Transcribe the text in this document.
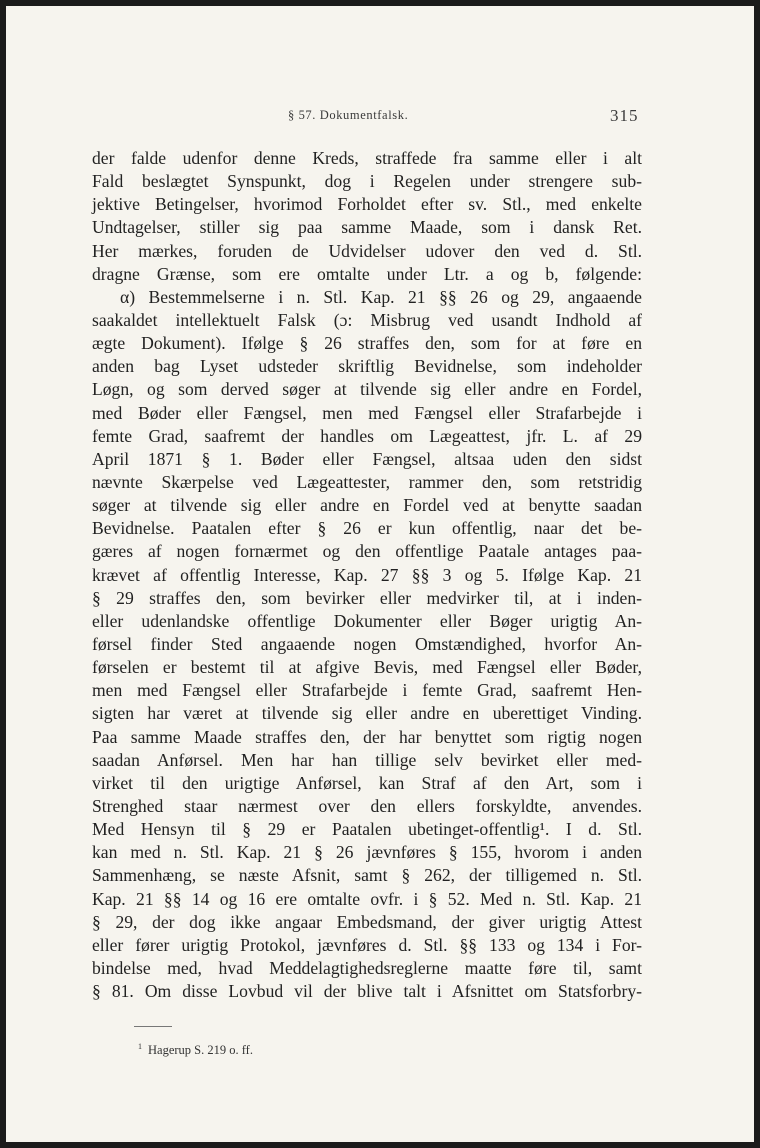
§ 57. Dokumentfalsk.	315
der falde udenfor denne Kreds, straffede fra samme eller i alt
Fald beslægtet Synspunkt, dog i Regelen under strengere sub-
jektive Betingelser, hvorimod Forholdet efter sv. Stl., med enkelte
Undtagelser, stiller sig paa samme Maade, som i dansk Ret.
Her mærkes, foruden de Udvidelser udover den ved d. Stl.
dragne Grænse, som ere omtalte under Ltr. a og b, følgende:
α) Bestemmelserne i n. Stl. Kap. 21 §§ 26 og 29, angaaende
saakaldet intellektuelt Falsk (ɔ: Misbrug ved usandt Indhold af
ægte Dokument). Ifølge § 26 straffes den, som for at føre en
anden bag Lyset udsteder skriftlig Bevidnelse, som indeholder
Løgn, og som derved søger at tilvende sig eller andre en Fordel,
med Bøder eller Fængsel, men med Fængsel eller Strafarbejde i
femte Grad, saafremt der handles om Lægeattest, jfr. L. af 29
April 1871 § 1. Bøder eller Fængsel, altsaa uden den sidst
nævnte Skærpelse ved Lægeattester, rammer den, som retstridig
søger at tilvende sig eller andre en Fordel ved at benytte saadan
Bevidnelse. Paatalen efter § 26 er kun offentlig, naar det be-
gæres af nogen fornærmet og den offentlige Paatale antages paa-
krævet af offentlig Interesse, Kap. 27 §§ 3 og 5. Ifølge Kap. 21
§ 29 straffes den, som bevirker eller medvirker til, at i inden-
eller udenlandske offentlige Dokumenter eller Bøger urigtig An-
førsel finder Sted angaaende nogen Omstændighed, hvorfor An-
førselen er bestemt til at afgive Bevis, med Fængsel eller Bøder,
men med Fængsel eller Strafarbejde i femte Grad, saafremt Hen-
sigten har været at tilvende sig eller andre en uberettiget Vinding.
Paa samme Maade straffes den, der har benyttet som rigtig nogen
saadan Anførsel. Men har han tillige selv bevirket eller med-
virket til den urigtige Anførsel, kan Straf af den Art, som i
Strenghed staar nærmest over den ellers forskyldte, anvendes.
Med Hensyn til § 29 er Paatalen ubetinget-offentlig¹. I d. Stl.
kan med n. Stl. Kap. 21 § 26 jævnføres § 155, hvorom i anden
Sammenhæng, se næste Afsnit, samt § 262, der tilligemed n. Stl.
Kap. 21 §§ 14 og 16 ere omtalte ovfr. i § 52. Med n. Stl. Kap. 21
§ 29, der dog ikke angaar Embedsmand, der giver urigtig Attest
eller fører urigtig Protokol, jævnføres d. Stl. §§ 133 og 134 i For-
bindelse med, hvad Meddelagtighedsreglerne maatte føre til, samt
§ 81. Om disse Lovbud vil der blive talt i Afsnittet om Statsforbry-
$^1$ Hagerup S. 219 o. ff.
